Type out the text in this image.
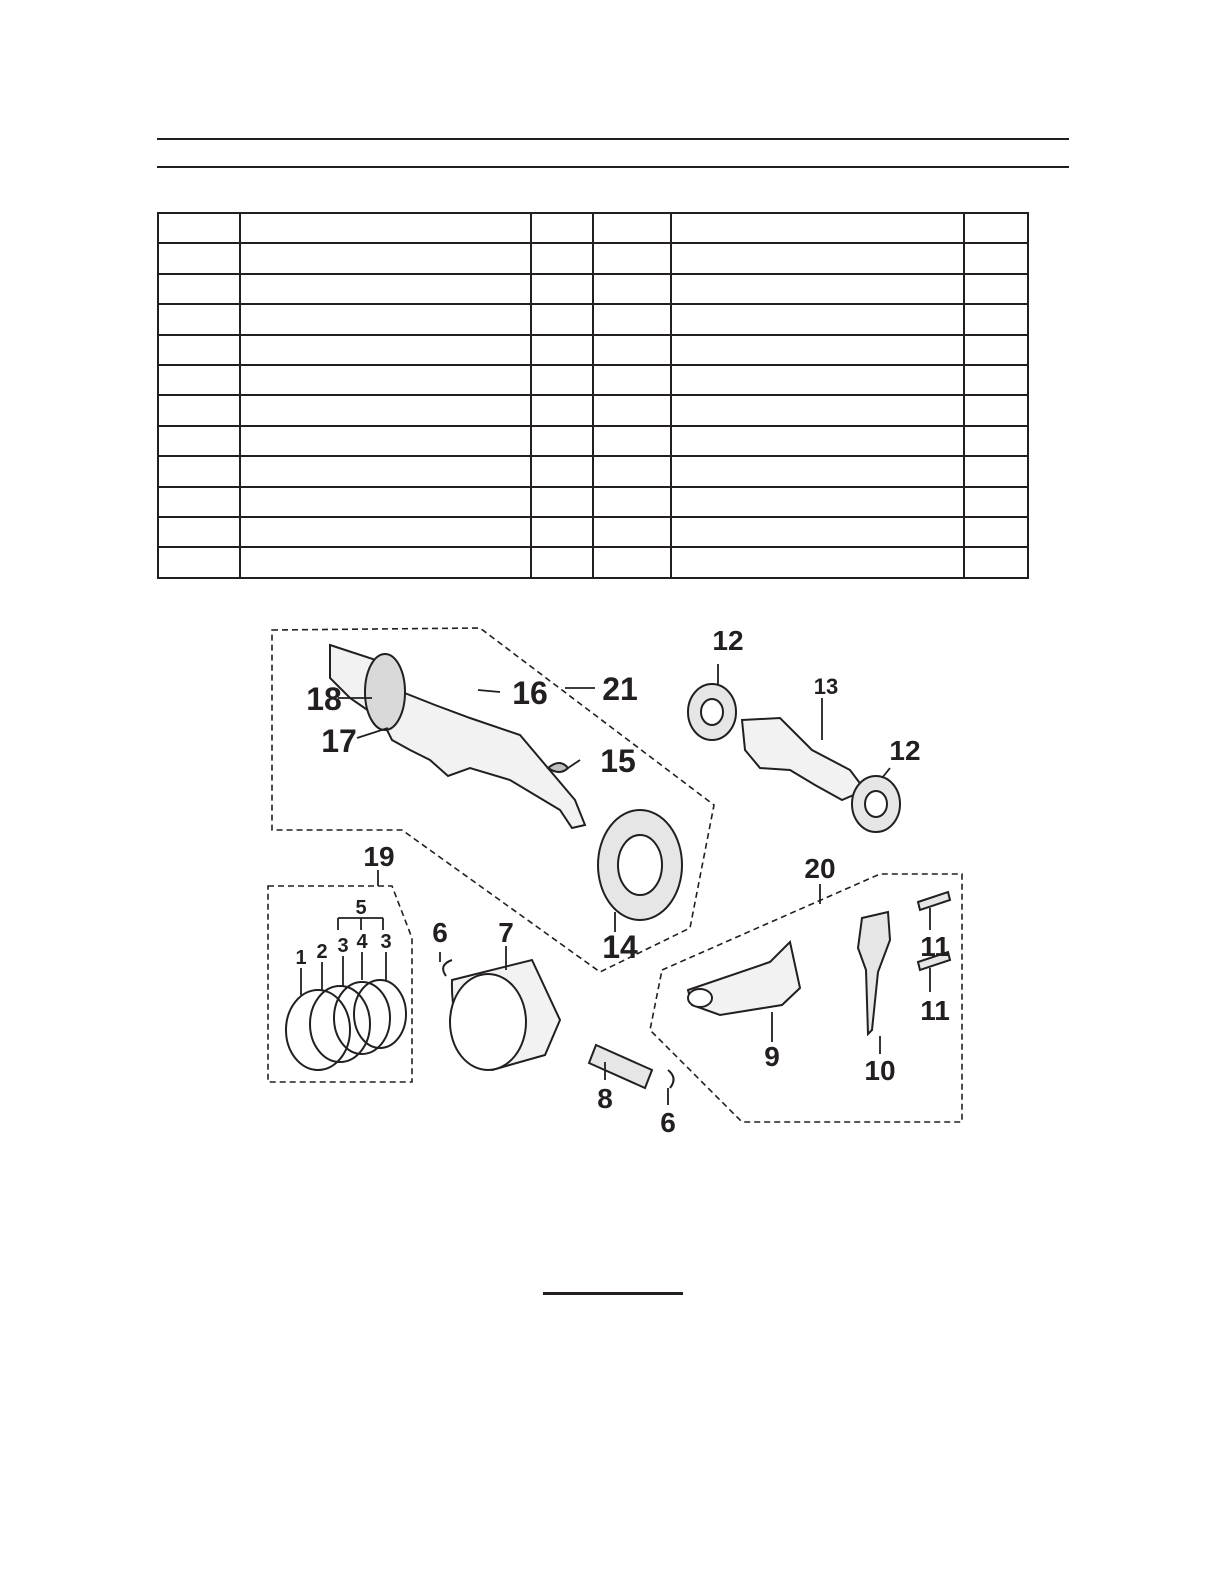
1 2 3 4 3
5
6 7
8
6
9	10
11
11
12
12
13
14
15
16
17
18
19	20
21
